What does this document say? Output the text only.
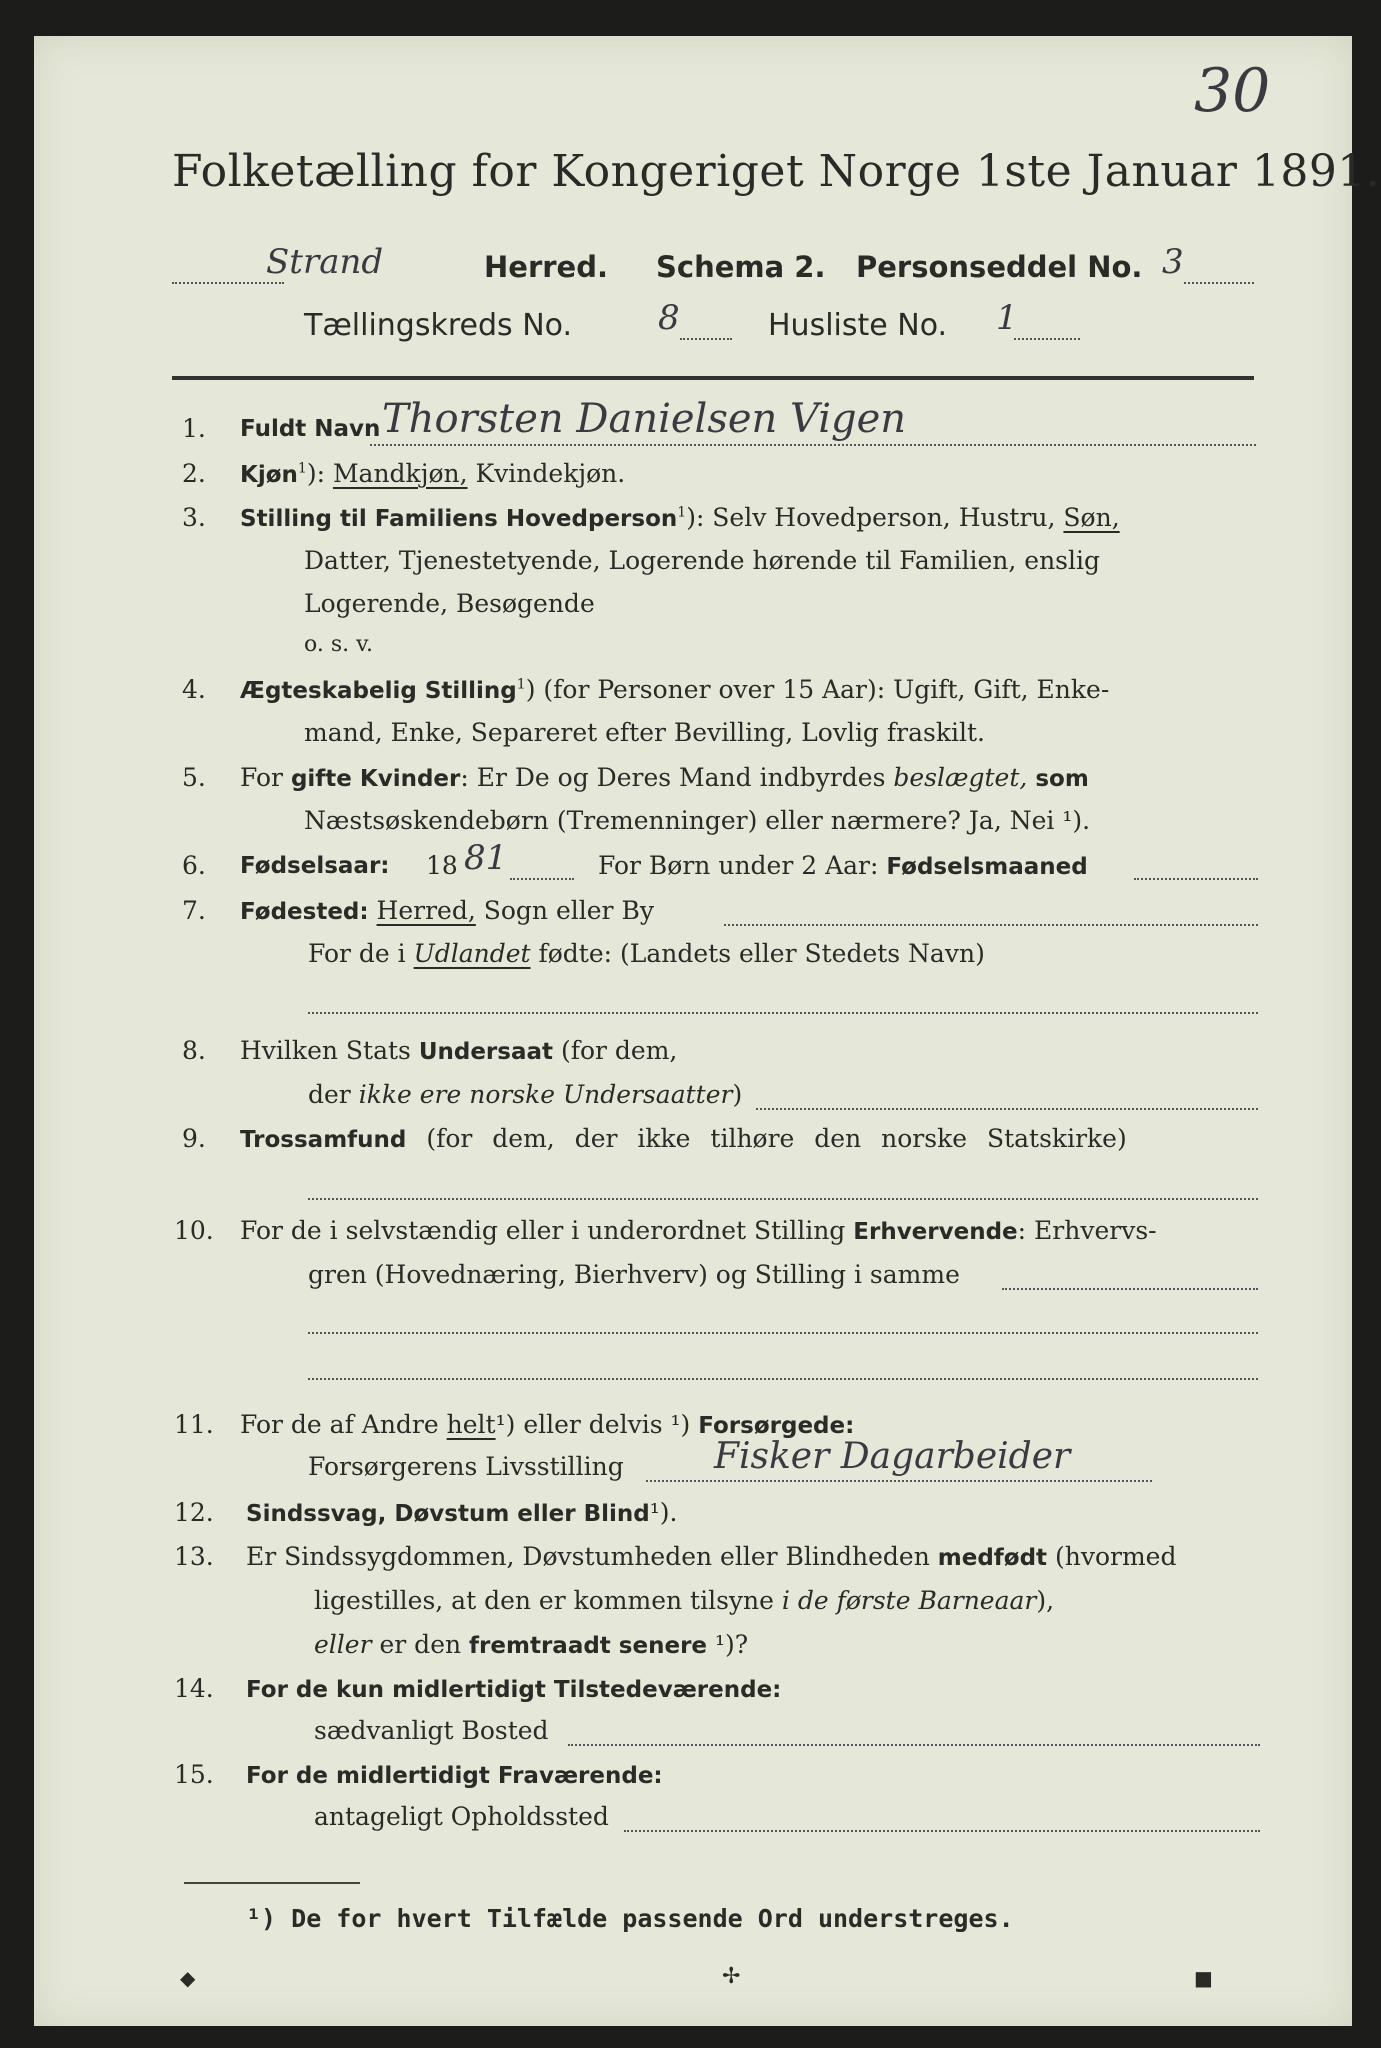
30
Folketælling for Kongeriget Norge 1ste Januar 1891.
Strand	Herred. Schema 2. Personseddel No. 3
Tællingskreds No.	8	Husliste No. 1
1. Fuldt Navn Thorsten Danielsen Vigen
2. Kjøn$^1$): Mandkjøn, Kvindekjøn.
3. Stilling til Familiens Hovedperson$^1$): Selv Hovedperson, Hustru, Søn,
Datter, Tjenestetyende, Logerende hørende til Familien, enslig
Logerende, Besøgende
o. s. v.
4. Ægteskabelig Stilling$^1$) (for Personer over 15 Aar): Ugift, Gift, Enke-
mand, Enke, Separeret efter Bevilling, Lovlig fraskilt.
5. For gifte Kvinder: Er De og Deres Mand indbyrdes beslægtet, som
Næstsøskendebørn (Tremenninger) eller nærmere? Ja, Nei ¹).
6. Fødselsaar: 18 81	For Børn under 2 Aar: Fødselsmaaned
7. Fødested: Herred, Sogn eller By
For de i Udlandet fødte: (Landets eller Stedets Navn)
8. Hvilken Stats Undersaat (for dem,
der ikke ere norske Undersaatter)
9. Trossamfund (for dem, der ikke tilhøre den norske Statskirke)
10. For de i selvstændig eller i underordnet Stilling Erhvervende: Erhvervs-
gren (Hovednæring, Bierhverv) og Stilling i samme
11. For de af Andre helt¹) eller delvis ¹) Forsørgede:
Forsørgerens Livsstilling	Fisker Dagarbeider
12. Sindssvag, Døvstum eller Blind¹).
13. Er Sindssygdommen, Døvstumheden eller Blindheden medfødt (hvormed
ligestilles, at den er kommen tilsyne i de første Barneaar),
eller er den fremtraadt senere ¹)?
14. For de kun midlertidigt Tilstedeværende:
sædvanligt Bosted
15. For de midlertidigt Fraværende:
antageligt Opholdssted
¹) De for hvert Tilfælde passende Ord understreges.
◆	✢	■
